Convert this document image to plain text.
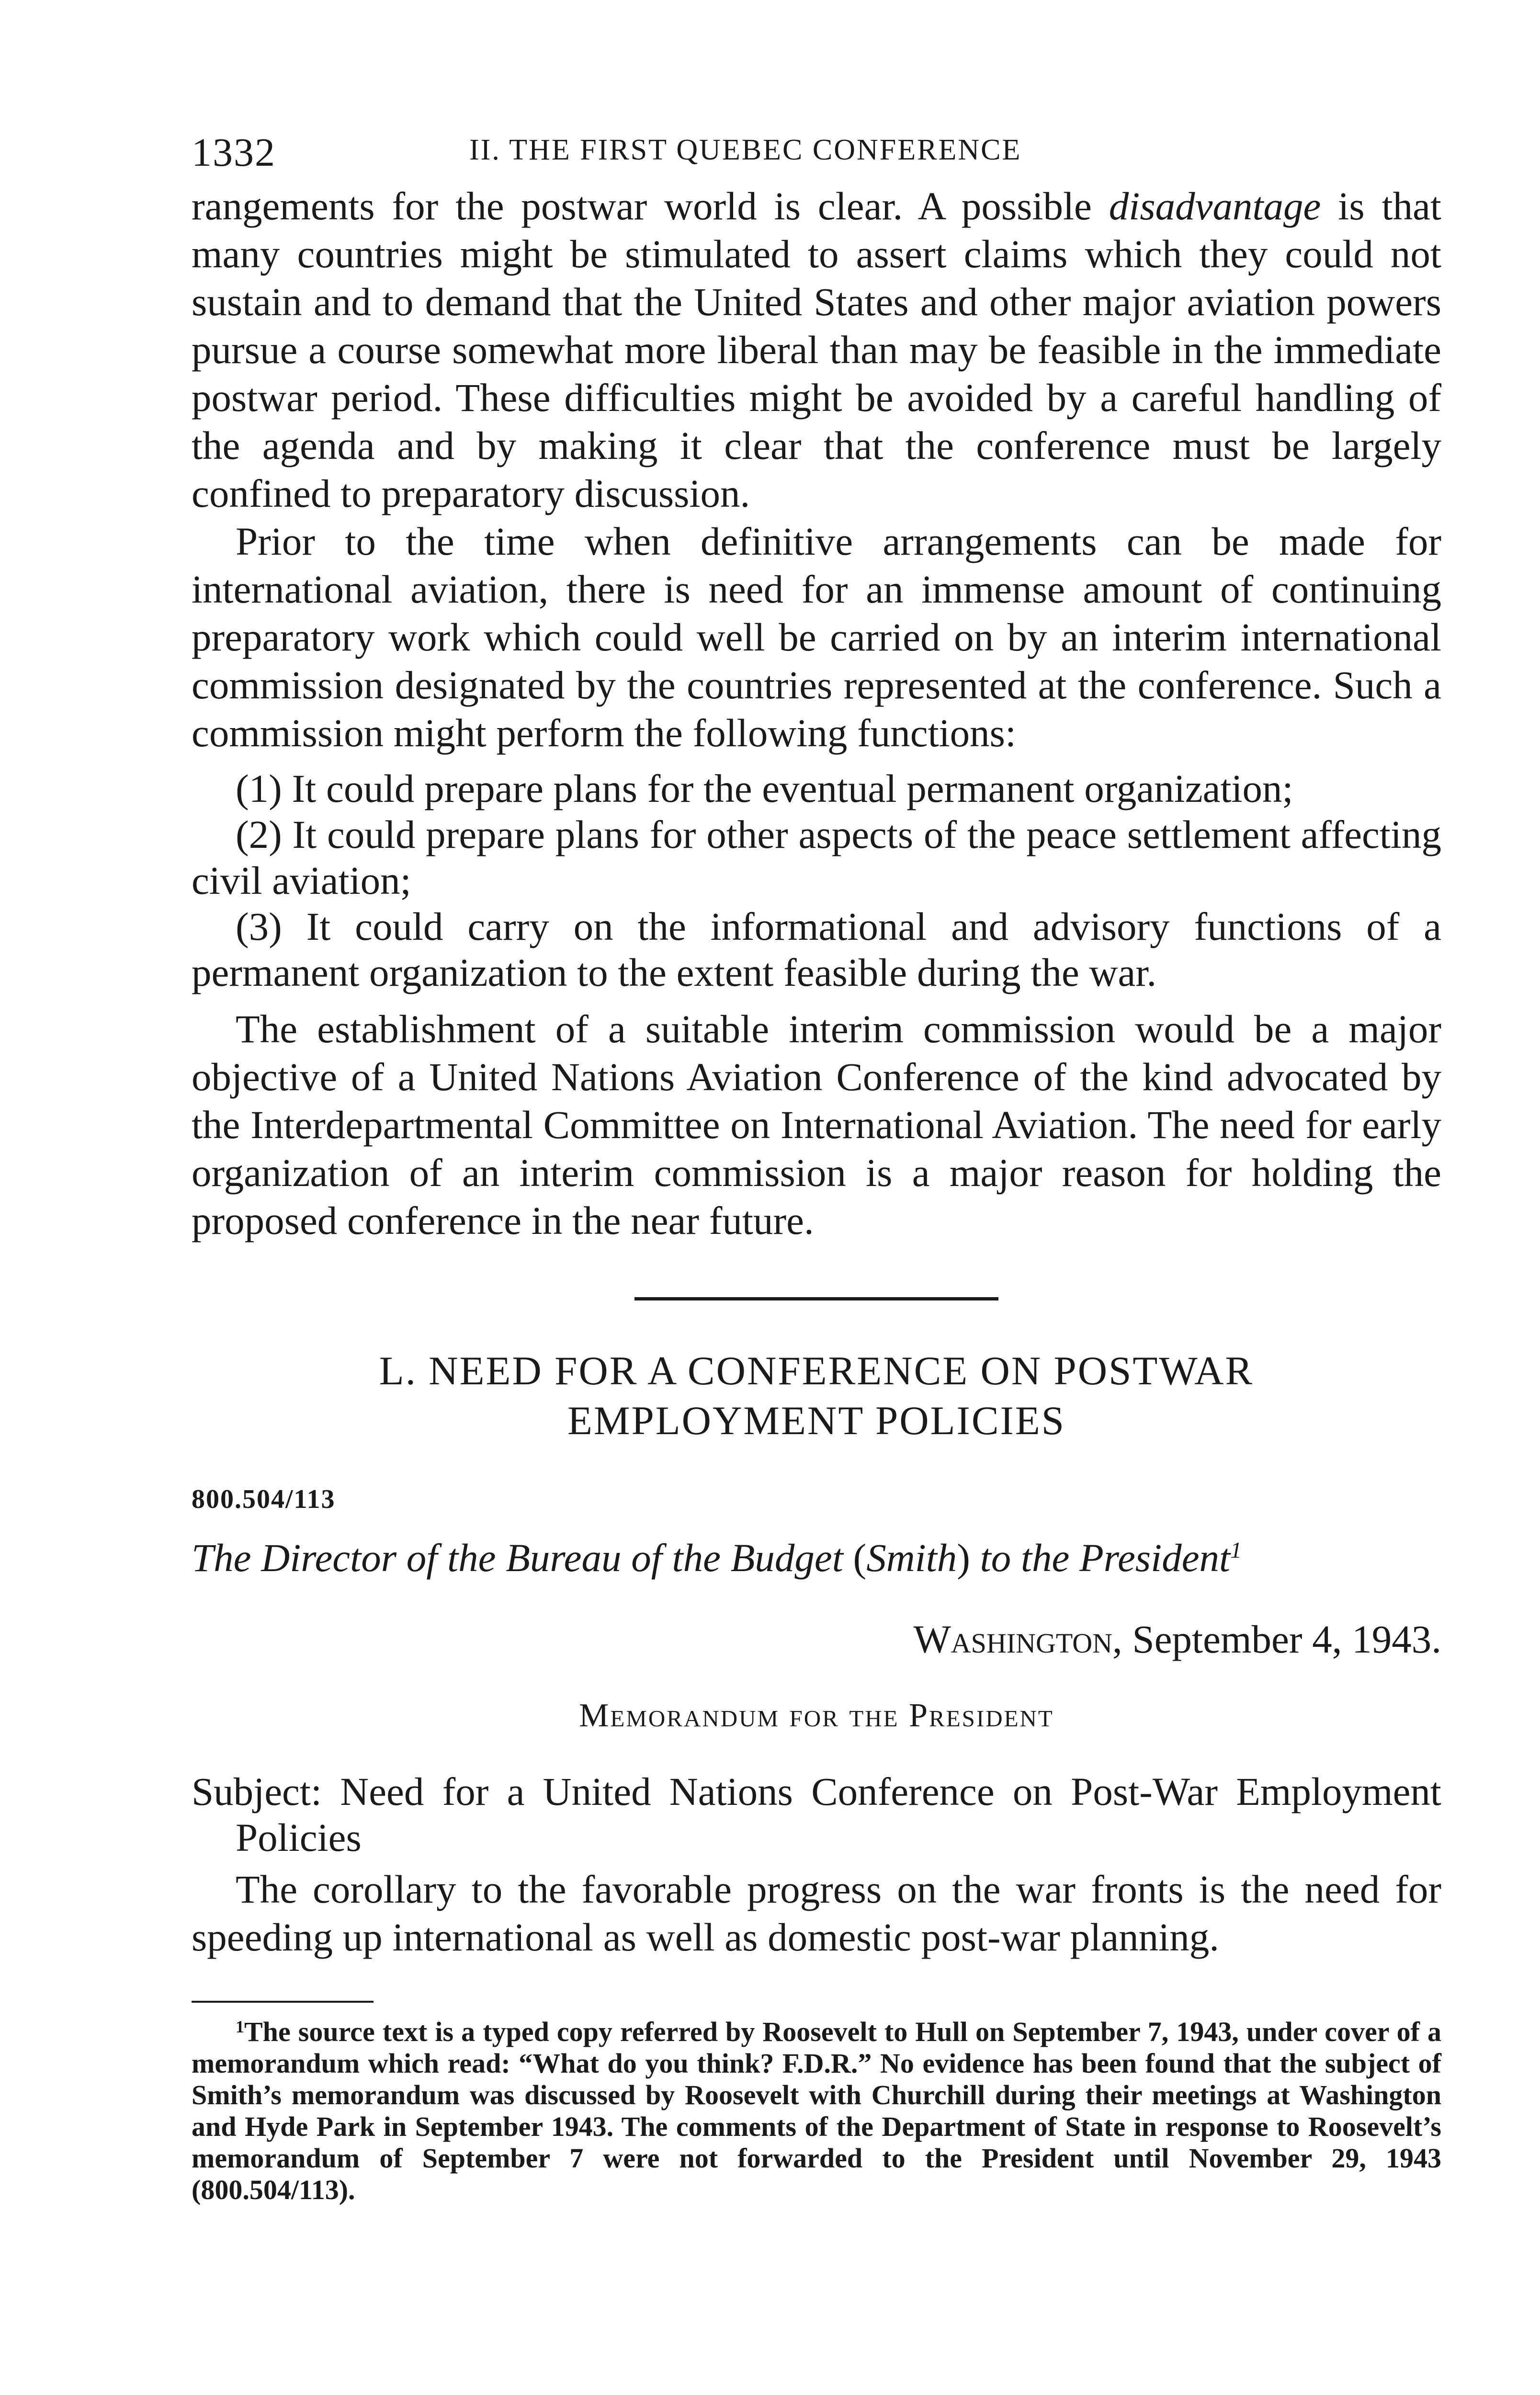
1332	II. THE FIRST QUEBEC CONFERENCE

rangements for the postwar world is clear. A possible disadvantage is that many countries might be stimulated to assert claims which they could not sustain and to demand that the United States and other major aviation powers pursue a course somewhat more liberal than may be feasible in the immediate postwar period. These difficulties might be avoided by a careful handling of the agenda and by making it clear that the conference must be largely confined to preparatory discussion.

Prior to the time when definitive arrangements can be made for international aviation, there is need for an immense amount of continuing preparatory work which could well be carried on by an interim international commission designated by the countries represented at the conference. Such a commission might perform the following functions:

(1) It could prepare plans for the eventual permanent organization;

(2) It could prepare plans for other aspects of the peace settlement affecting civil aviation;

(3) It could carry on the informational and advisory functions of a permanent organization to the extent feasible during the war.

The establishment of a suitable interim commission would be a major objective of a United Nations Aviation Conference of the kind advocated by the Interdepartmental Committee on International Aviation. The need for early organization of an interim commission is a major reason for holding the proposed conference in the near future.

L. NEED FOR A CONFERENCE ON POSTWAR
EMPLOYMENT POLICIES

800.504/113
The Director of the Bureau of the Budget (Smith) to the President$^1$
Washington, September 4, 1943.
Memorandum for the President
Subject: Need for a United Nations Conference on Post-War Employment Policies

The corollary to the favorable progress on the war fronts is the need for speeding up international as well as domestic post-war planning.

$^1$The source text is a typed copy referred by Roosevelt to Hull on September 7, 1943, under cover of a memorandum which read: “What do you think? F.D.R.” No evidence has been found that the subject of Smith’s memorandum was discussed by Roosevelt with Churchill during their meetings at Washington and Hyde Park in September 1943. The comments of the Department of State in response to Roosevelt’s memorandum of September 7 were not forwarded to the President until November 29, 1943 (800.504/113).
